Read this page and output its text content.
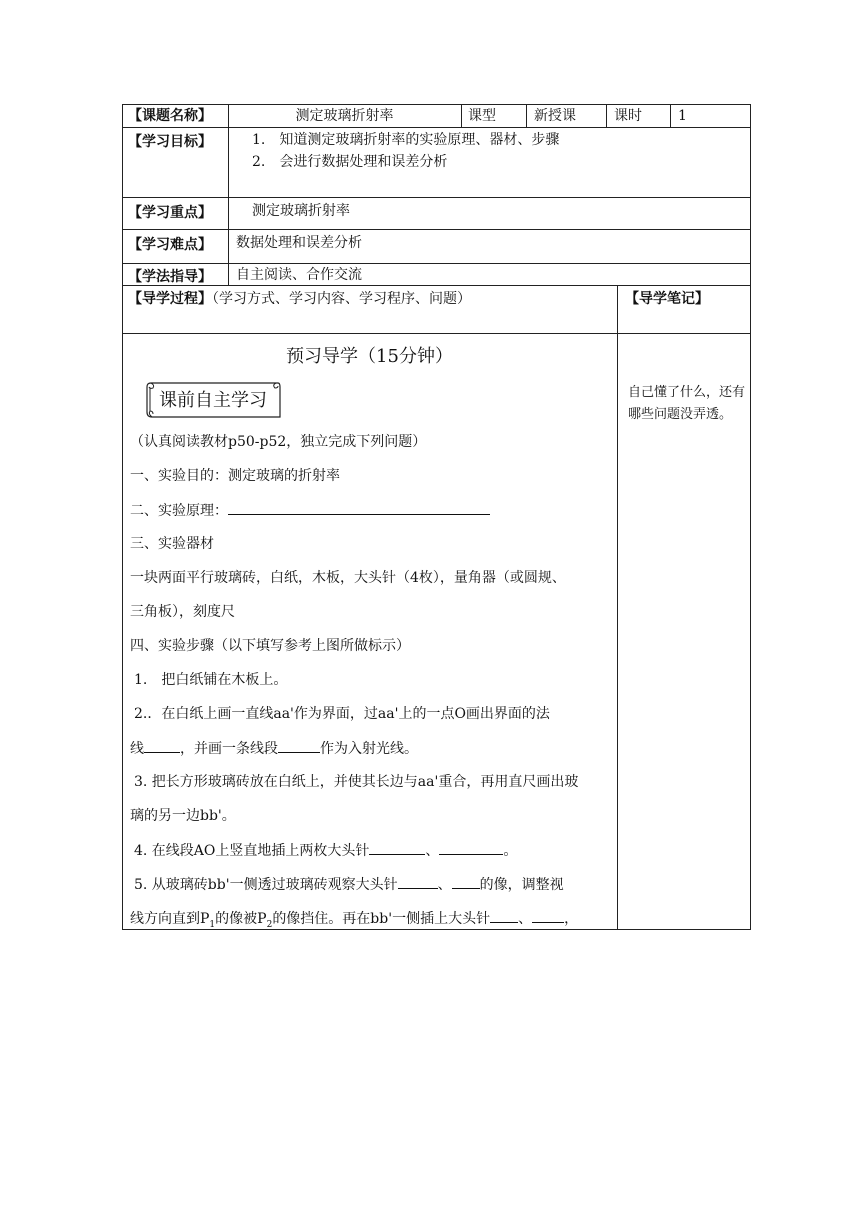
【课题名称】	测定玻璃折射率	课型	新授课	课时	1
【学习目标】	1.　知道测定玻璃折射率的实验原理、器材、步骤
2.　会进行数据处理和误差分析
【学习重点】	测定玻璃折射率
【学习难点】 数据处理和误差分析
【学法指导】 自主阅读、合作交流
【导学过程】（学习方式、学习内容、学习程序、问题）	【导学笔记】
预习导学（15分钟）
课前自主学习
（认真阅读教材p50-p52，独立完成下列问题）
一、实验目的：测定玻璃的折射率
二、实验原理：
三、实验器材
一块两面平行玻璃砖，白纸，木板，大头针（4枚），量角器（或圆规、
三角板），刻度尺
四、实验步骤（以下填写参考上图所做标示）
1.　把白纸铺在木板上。
2.．在白纸上画一直线aa'作为界面，过aa'上的一点O画出界面的法
线	，并画一条线段	作为入射光线。
3. 把长方形玻璃砖放在白纸上，并使其长边与aa'重合，再用直尺画出玻
璃的另一边bb'。
4. 在线段AO上竖直地插上两枚大头针	、	。
5. 从玻璃砖bb'一侧透过玻璃砖观察大头针	、 的像，调整视
线方向直到$P_1$的像被$P_2$的像挡住。再在bb'一侧插上大头针 、 ，
自己懂了什么，还有哪些问题没弄透。
